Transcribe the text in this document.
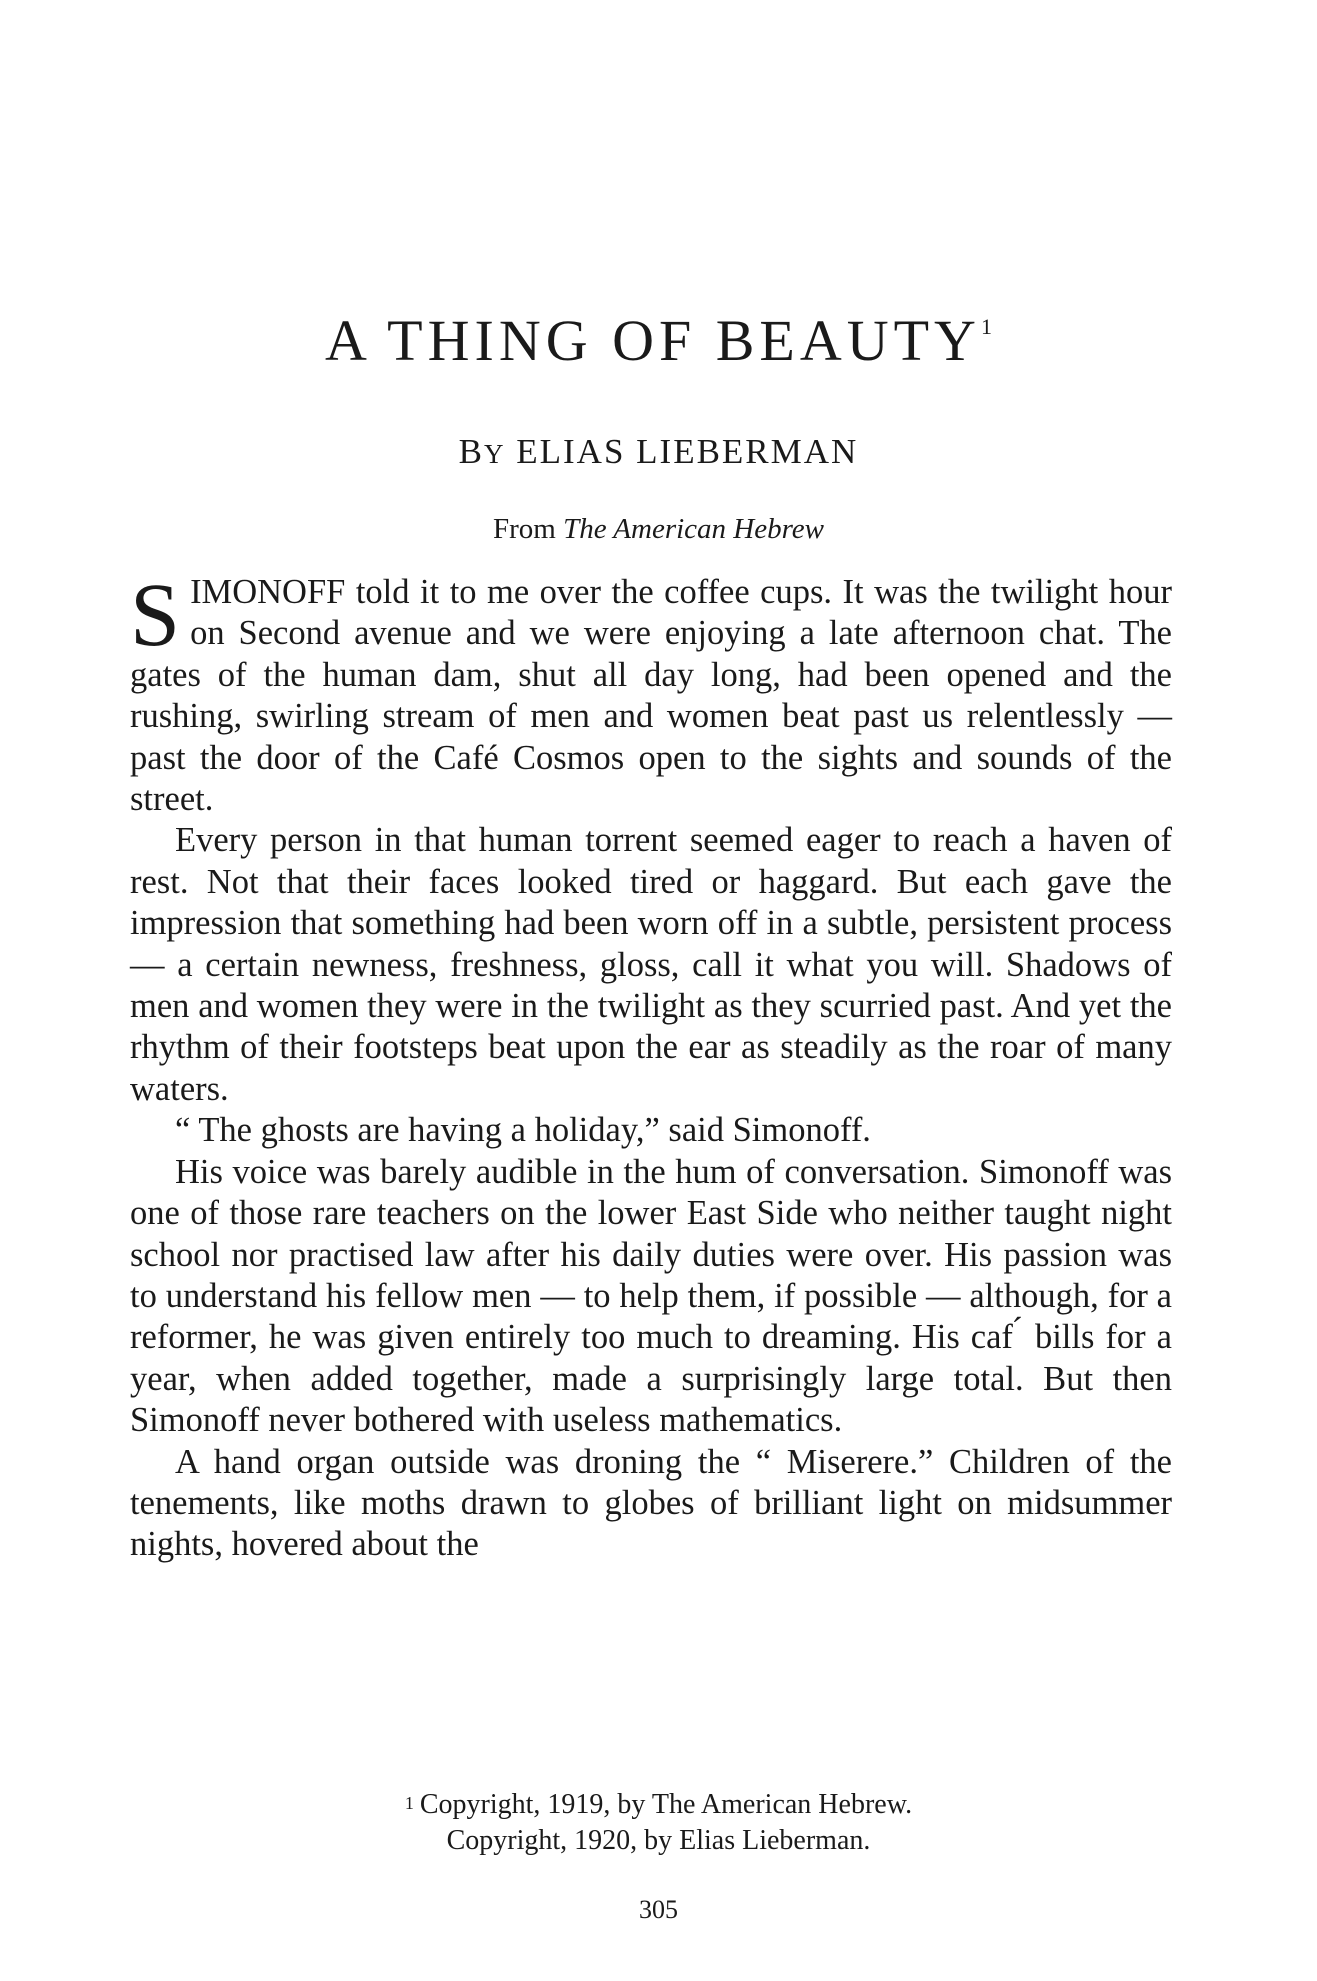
A THING OF BEAUTY$^1$
BY ELIAS LIEBERMAN
From The American Hebrew

SIMONOFF told it to me over the coffee cups. It was the twilight hour on Second avenue and we were enjoying a late afternoon chat. The gates of the human dam, shut all day long, had been opened and the rushing, swirling stream of men and women beat past us relentlessly — past the door of the Café Cosmos open to the sights and sounds of the street.

Every person in that human torrent seemed eager to reach a haven of rest. Not that their faces looked tired or haggard. But each gave the impression that something had been worn off in a subtle, persistent process — a certain newness, freshness, gloss, call it what you will. Shadows of men and women they were in the twilight as they scurried past. And yet the rhythm of their footsteps beat upon the ear as steadily as the roar of many waters.

“ The ghosts are having a holiday,” said Simonoff.

His voice was barely audible in the hum of conversation. Simonoff was one of those rare teachers on the lower East Side who neither taught night school nor practised law after his daily duties were over. His passion was to understand his fellow men — to help them, if possible — although, for a reformer, he was given entirely too much to dreaming. His caf ́ bills for a year, when added together, made a surprisingly large total. But then Simonoff never bothered with useless mathematics.

A hand organ outside was droning the “ Miserere.” Children of the tenements, like moths drawn to globes of brilliant light on midsummer nights, hovered about the

$^1$ Copyright, 1919, by The American Hebrew.
Copyright, 1920, by Elias Lieberman.
305
